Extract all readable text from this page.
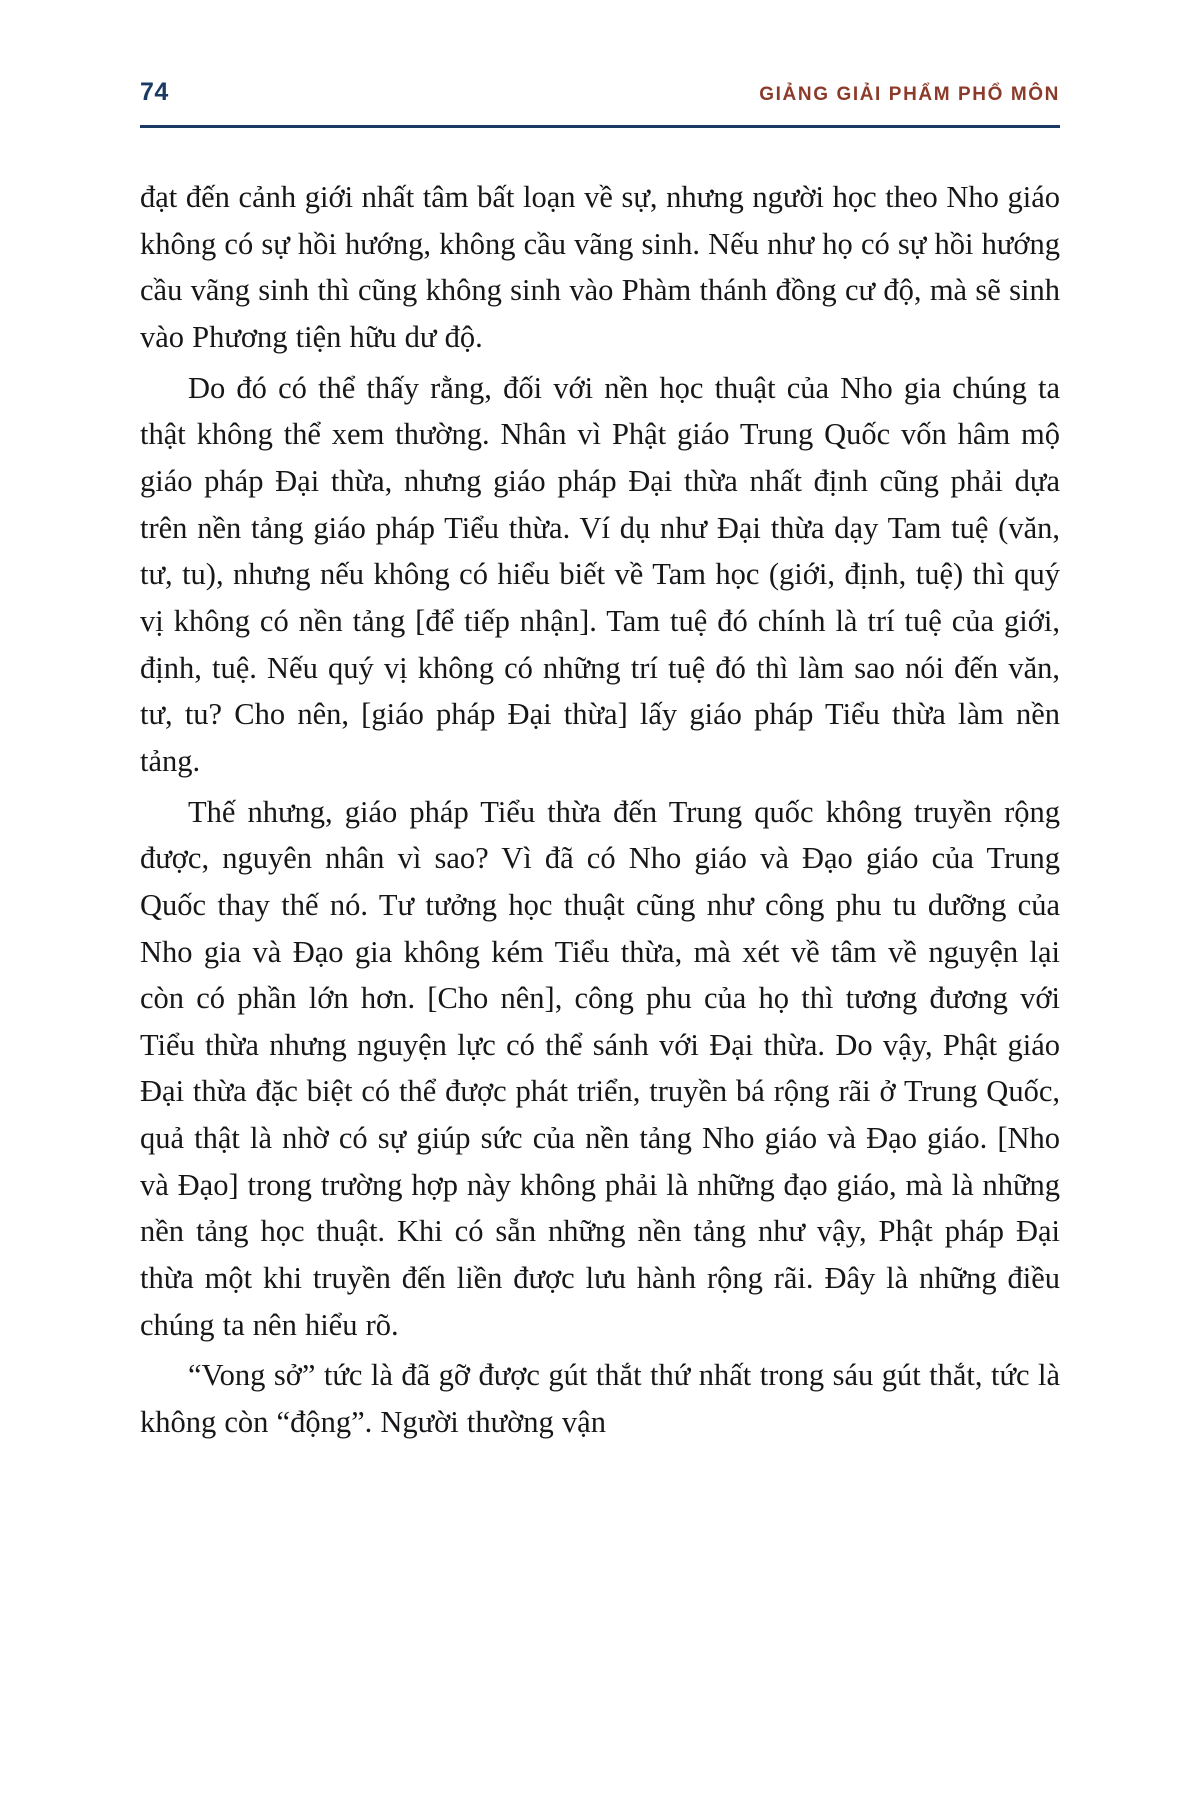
74	GIẢNG GIẢI PHẨM PHỔ MÔN

đạt đến cảnh giới nhất tâm bất loạn về sự, nhưng người học theo Nho giáo không có sự hồi hướng, không cầu vãng sinh. Nếu như họ có sự hồi hướng cầu vãng sinh thì cũng không sinh vào Phàm thánh đồng cư độ, mà sẽ sinh vào Phương tiện hữu dư độ.

Do đó có thể thấy rằng, đối với nền học thuật của Nho gia chúng ta thật không thể xem thường. Nhân vì Phật giáo Trung Quốc vốn hâm mộ giáo pháp Đại thừa, nhưng giáo pháp Đại thừa nhất định cũng phải dựa trên nền tảng giáo pháp Tiểu thừa. Ví dụ như Đại thừa dạy Tam tuệ (văn, tư, tu), nhưng nếu không có hiểu biết về Tam học (giới, định, tuệ) thì quý vị không có nền tảng [để tiếp nhận]. Tam tuệ đó chính là trí tuệ của giới, định, tuệ. Nếu quý vị không có những trí tuệ đó thì làm sao nói đến văn, tư, tu? Cho nên, [giáo pháp Đại thừa] lấy giáo pháp Tiểu thừa làm nền tảng.

Thế nhưng, giáo pháp Tiểu thừa đến Trung quốc không truyền rộng được, nguyên nhân vì sao? Vì đã có Nho giáo và Đạo giáo của Trung Quốc thay thế nó. Tư tưởng học thuật cũng như công phu tu dưỡng của Nho gia và Đạo gia không kém Tiểu thừa, mà xét về tâm về nguyện lại còn có phần lớn hơn. [Cho nên], công phu của họ thì tương đương với Tiểu thừa nhưng nguyện lực có thể sánh với Đại thừa. Do vậy, Phật giáo Đại thừa đặc biệt có thể được phát triển, truyền bá rộng rãi ở Trung Quốc, quả thật là nhờ có sự giúp sức của nền tảng Nho giáo và Đạo giáo. [Nho và Đạo] trong trường hợp này không phải là những đạo giáo, mà là những nền tảng học thuật. Khi có sẵn những nền tảng như vậy, Phật pháp Đại thừa một khi truyền đến liền được lưu hành rộng rãi. Đây là những điều chúng ta nên hiểu rõ.

“Vong sở” tức là đã gỡ được gút thắt thứ nhất trong sáu gút thắt, tức là không còn “động”. Người thường vận
